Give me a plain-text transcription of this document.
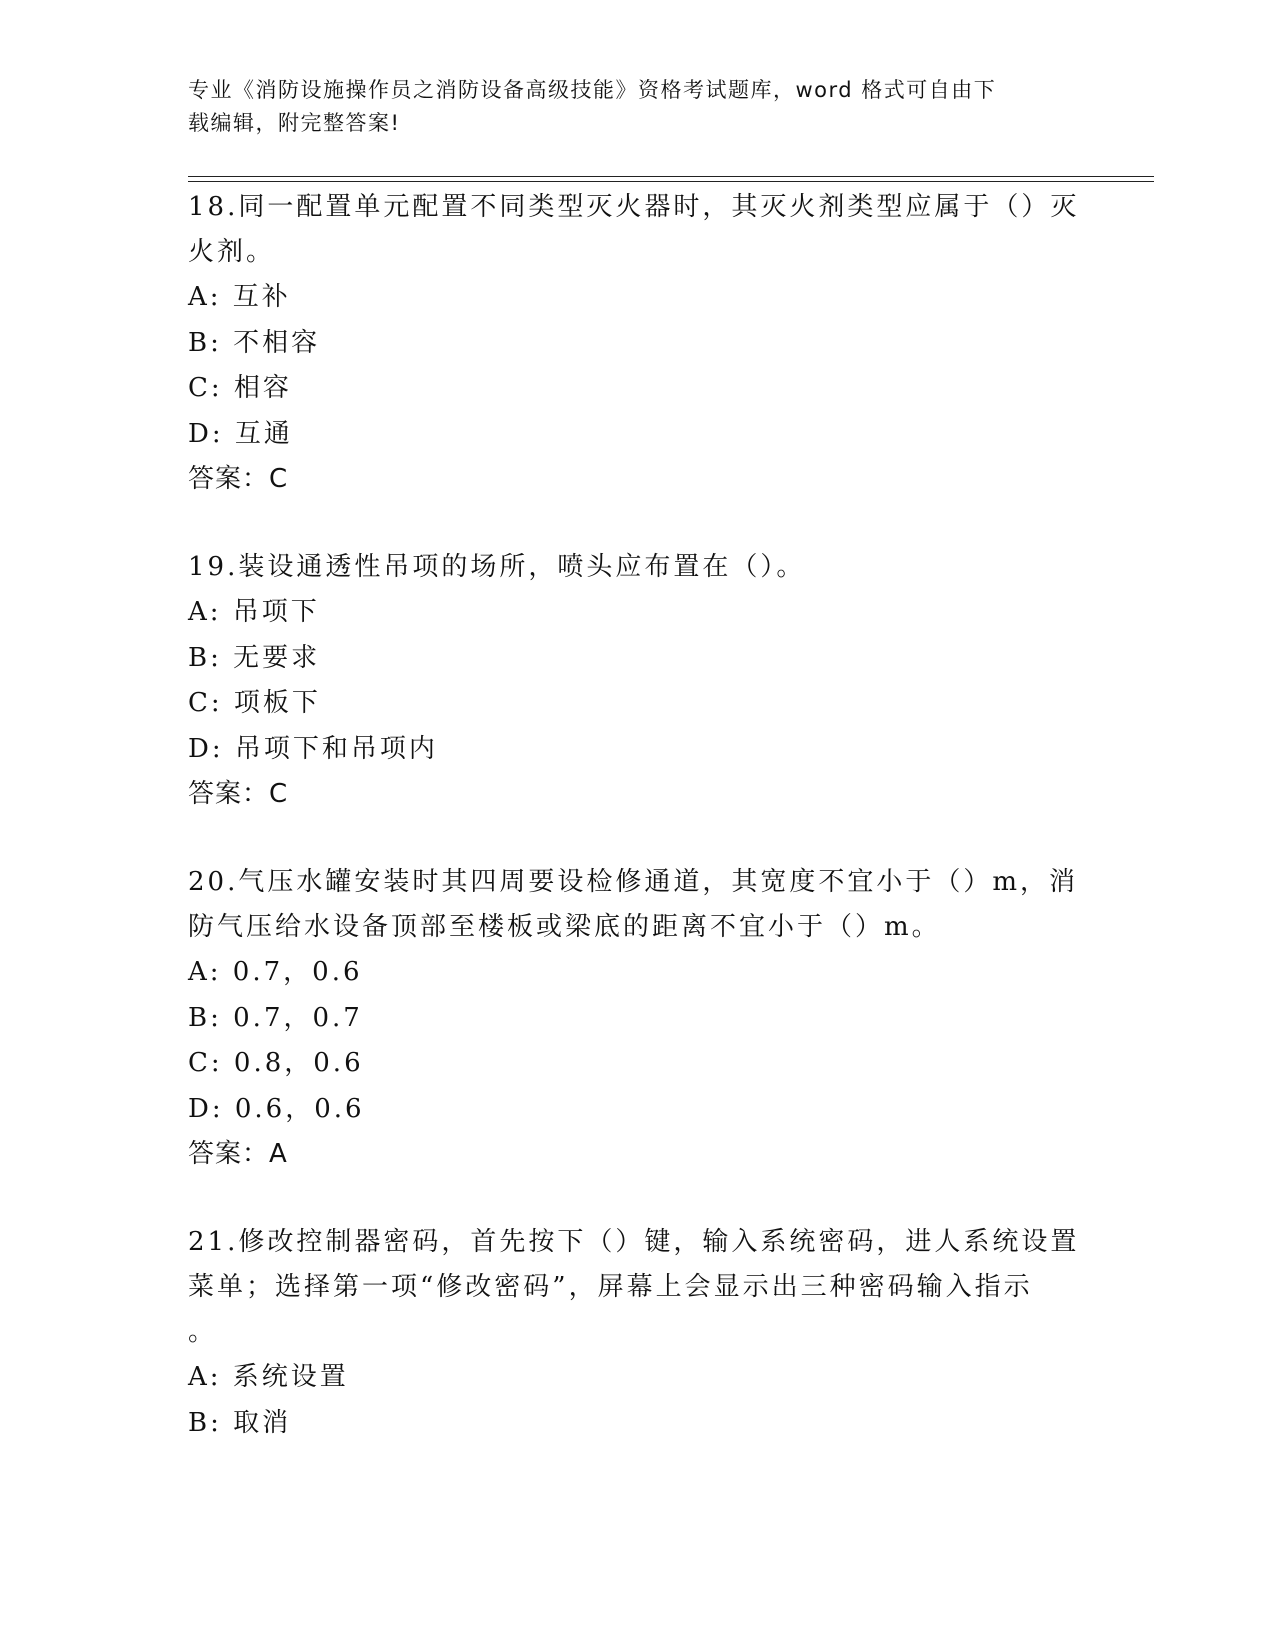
专业《消防设施操作员之消防设备高级技能》资格考试题库，word 格式可自由下
载编辑，附完整答案!
18.同一配置单元配置不同类型灭火器时，其灭火剂类型应属于（）灭
火剂。
A: 互补
B: 不相容
C: 相容
D: 互通
答案：C
19.装设通透性吊项的场所，喷头应布置在（）。
A: 吊项下
B: 无要求
C: 项板下
D: 吊项下和吊项内
答案：C
20.气压水罐安装时其四周要设检修通道，其宽度不宜小于（）m，消
防气压给水设备顶部至楼板或梁底的距离不宜小于（）m。
A: 0.7，0.6
B: 0.7，0.7
C: 0.8，0.6
D: 0.6，0.6
答案：A
21.修改控制器密码，首先按下（）键，输入系统密码，进人系统设置
菜单；选择第一项“修改密码”，屏幕上会显示出三种密码输入指示
。
A: 系统设置
B: 取消
